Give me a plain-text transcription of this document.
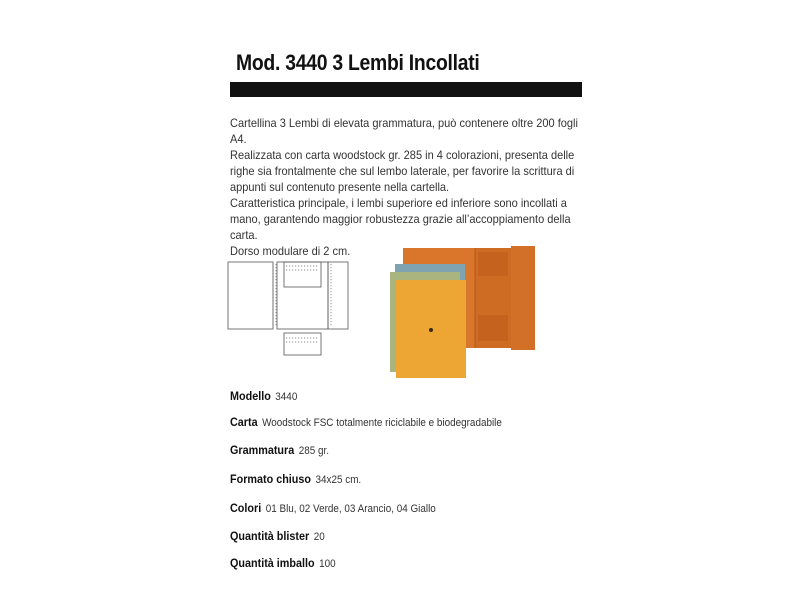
Mod. 3440 3 Lembi Incollati

Cartellina 3 Lembi di elevata grammatura, può contenere oltre 200 fogli A4.

Realizzata con carta woodstock gr. 285 in 4 colorazioni, presenta delle

righe sia frontalmente che sul lembo laterale, per favorire la scrittura di

appunti sul contenuto presente nella cartella.

Caratteristica principale, i lembi superiore ed inferiore sono incollati a

mano, garantendo maggior robustezza grazie all’accoppiamento della carta.

Dorso modulare di 2 cm.

Modello 3440
Carta Woodstock FSC totalmente riciclabile e biodegradabile
Grammatura 285 gr.
Formato chiuso 34x25 cm.
Colori 01 Blu, 02 Verde, 03 Arancio, 04 Giallo
Quantità blister 20
Quantità imballo 100
